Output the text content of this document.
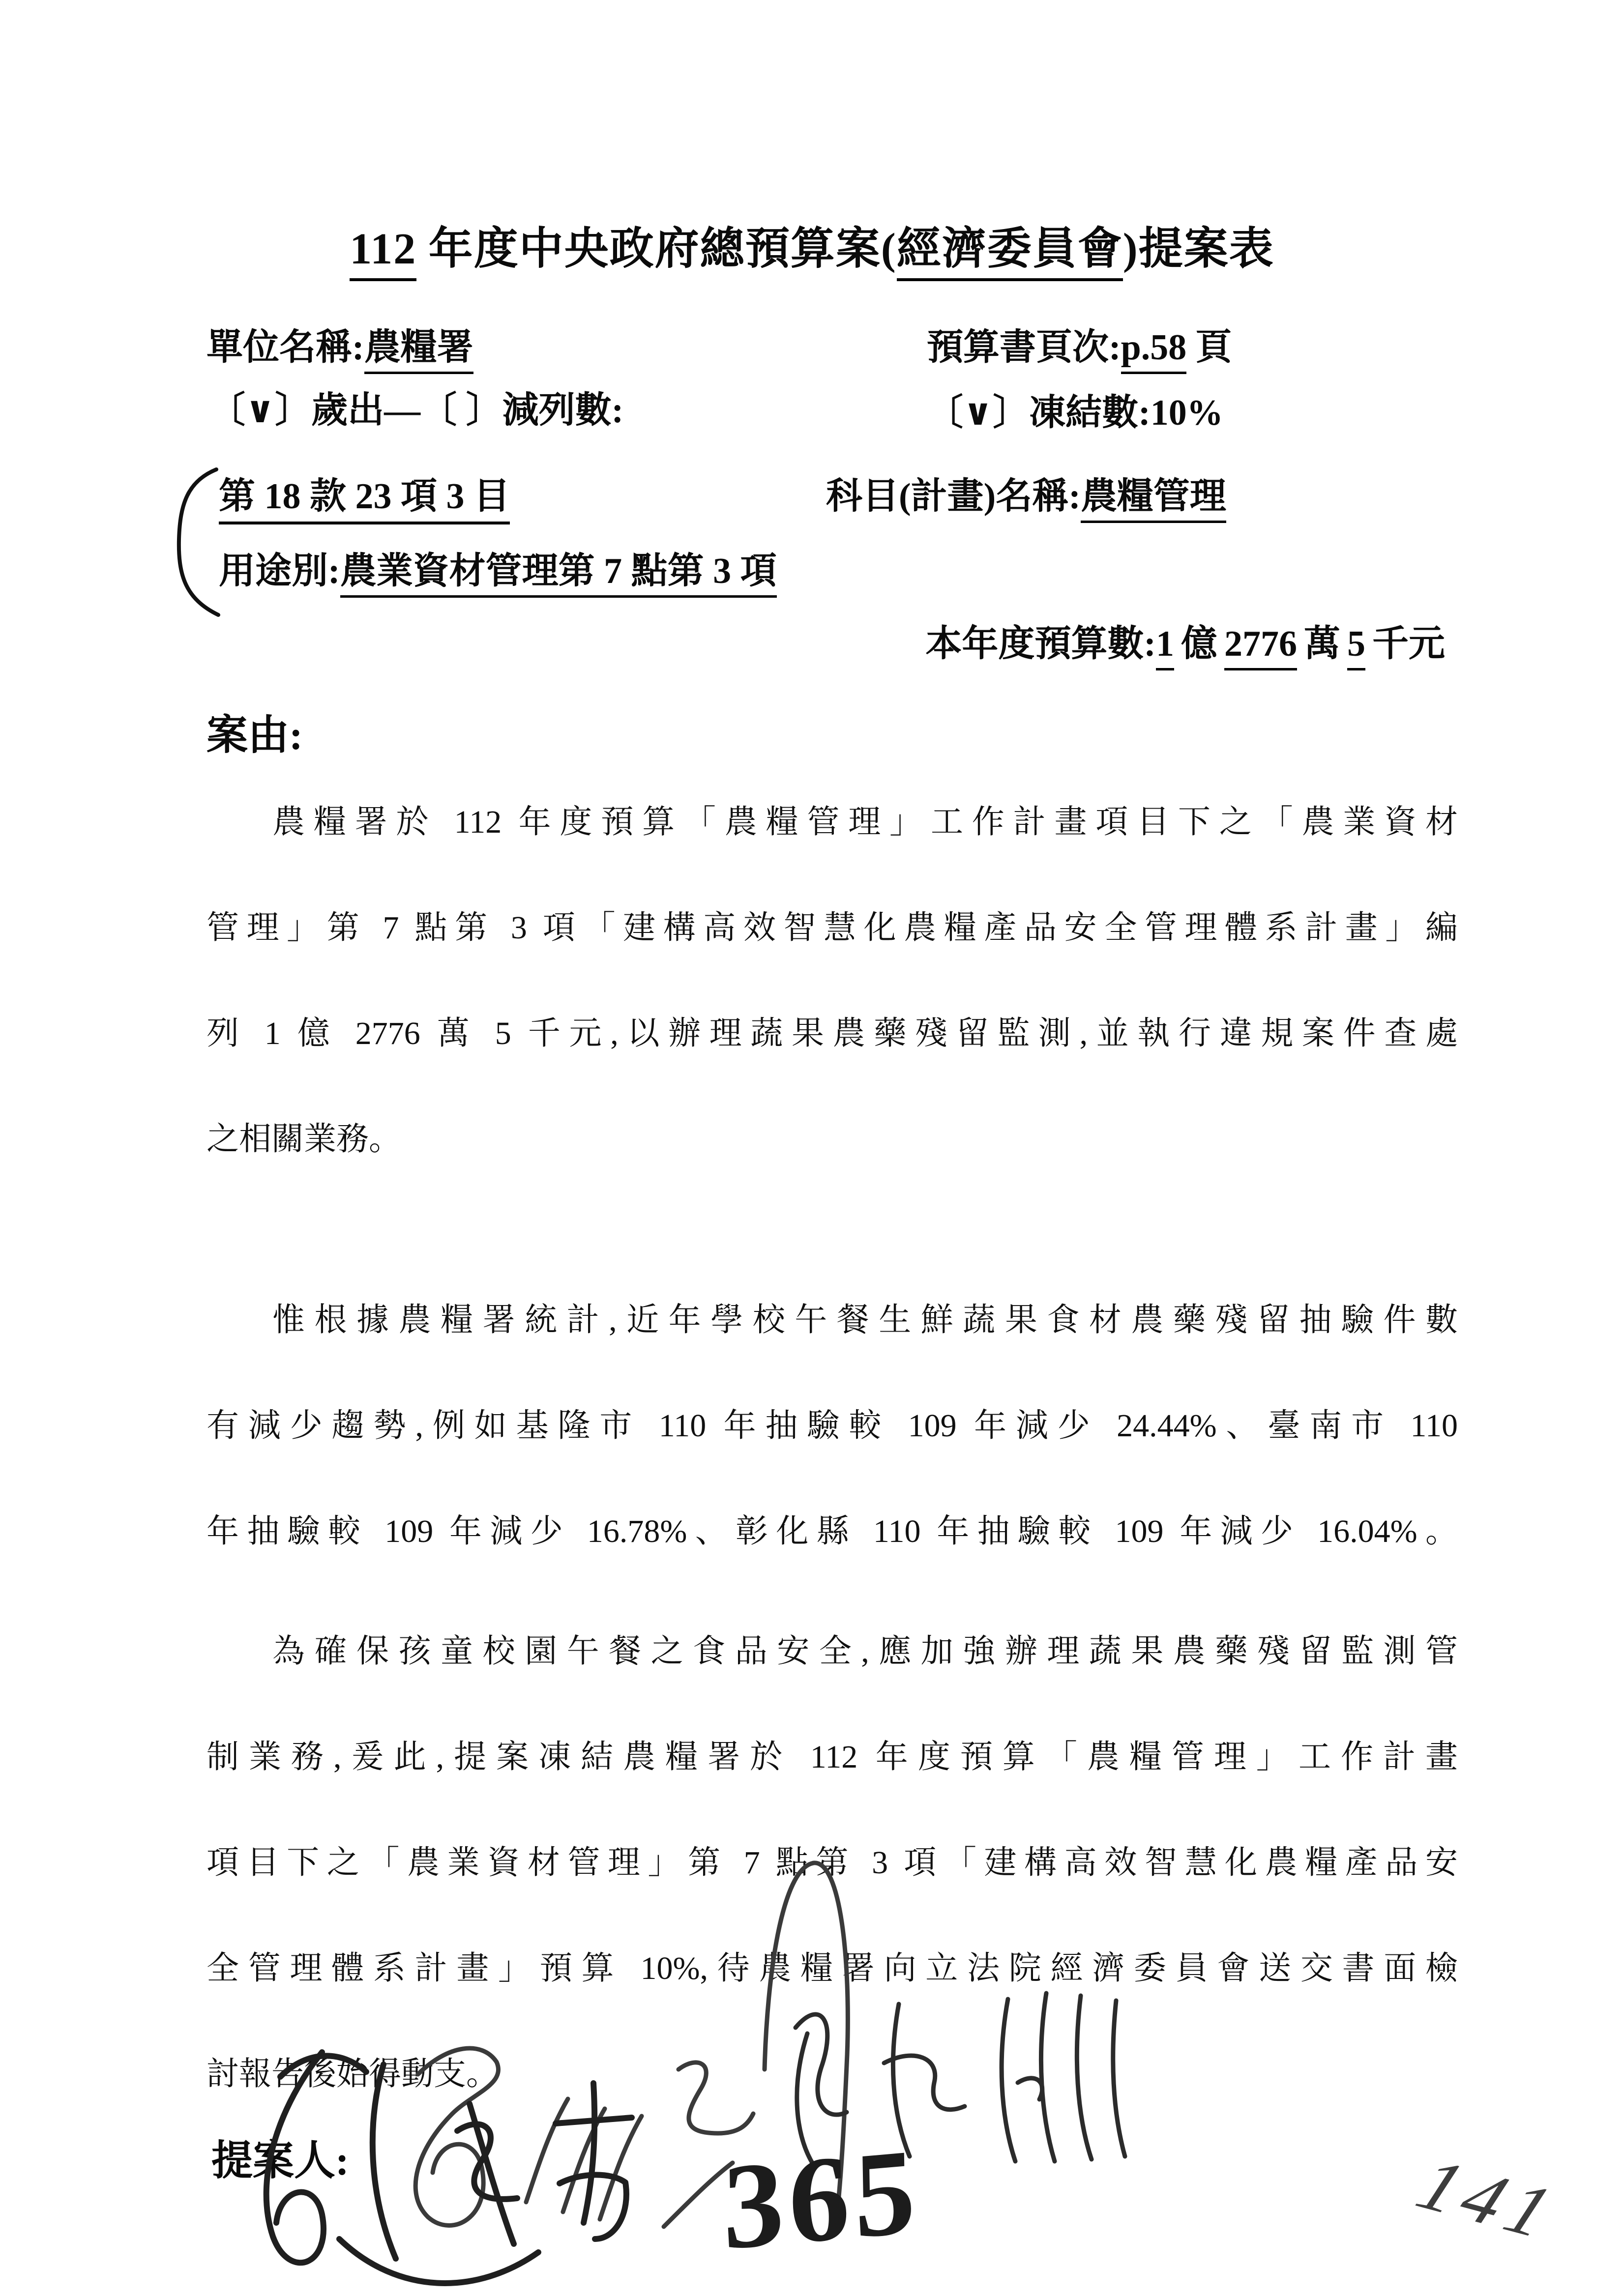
112 年度中央政府總預算案(經濟委員會)提案表
單位名稱:農糧署	預算書頁次:p.58 頁
〔∨〕歲出—〔 〕減列數:	〔∨〕凍結數:10%
第 18 款 23 項 3 目	科目(計畫)名稱:農糧管理
用途別:農業資材管理第 7 點第 3 項
本年度預算數:1 億 2776 萬 5 千元
案由:
農糧署於 112 年度預算「農糧管理」工作計畫項目下之「農業資材
管理」第 7 點第 3 項「建構高效智慧化農糧產品安全管理體系計畫」編
列 1 億 2776 萬 5 千元,以辦理蔬果農藥殘留監測,並執行違規案件查處
之相關業務。
惟根據農糧署統計,近年學校午餐生鮮蔬果食材農藥殘留抽驗件數
有減少趨勢,例如基隆市 110 年抽驗較 109 年減少 24.44%、臺南市 110
年抽驗較 109 年減少 16.78%、彰化縣 110 年抽驗較 109 年減少 16.04%。
為確保孩童校園午餐之食品安全,應加強辦理蔬果農藥殘留監測管
制業務,爰此,提案凍結農糧署於 112 年度預算「農糧管理」工作計畫
項目下之「農業資材管理」第 7 點第 3 項「建構高效智慧化農糧產品安
全管理體系計畫」預算 10%,待農糧署向立法院經濟委員會送交書面檢
討報告後始得動支。
提案人:	365	141
